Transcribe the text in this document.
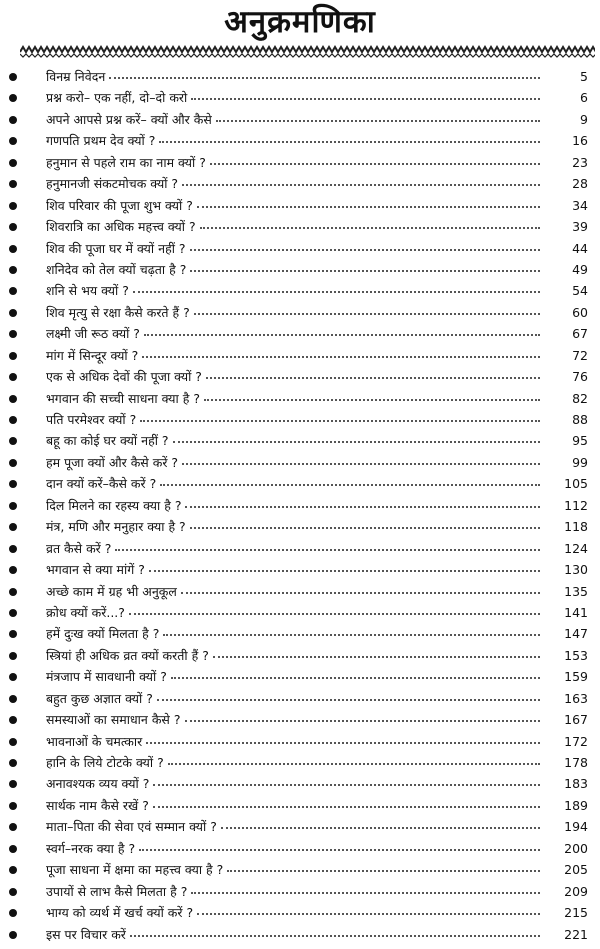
अनुक्रमणिका
विनम्र निवेदन	5
प्रश्न करो– एक नहीं, दो–दो करो	6
अपने आपसे प्रश्न करें– क्यों और कैसे	9
गणपति प्रथम देव क्यों ?	16
हनुमान से पहले राम का नाम क्यों ?	23
हनुमानजी संकटमोचक क्यों ?	28
शिव परिवार की पूजा शुभ क्यों ?	34
शिवरात्रि का अधिक महत्त्व क्यों ?	39
शिव की पूजा घर में क्यों नहीं ?	44
शनिदेव को तेल क्यों चढ़ता है ?	49
शनि से भय क्यों ?	54
शिव मृत्यु से रक्षा कैसे करते हैं ?	60
लक्ष्मी जी रूठ क्यों ?	67
मांग में सिन्दूर क्यों ?	72
एक से अधिक देवों की पूजा क्यों ?	76
भगवान की सच्ची साधना क्या है ?	82
पति परमेश्वर क्यों ?	88
बहू का कोई घर क्यों नहीं ?	95
हम पूजा क्यों और कैसे करें ?	99
दान क्यों करें–कैसे करें ?	105
दिल मिलने का रहस्य क्या है ?	112
मंत्र, मणि और मनुहार क्या है ?	118
व्रत कैसे करें ?	124
भगवान से क्या मांगें ?	130
अच्छे काम में ग्रह भी अनुकूल	135
क्रोध क्यों करें...?	141
हमें दुःख क्यों मिलता है ?	147
स्त्रियां ही अधिक व्रत क्यों करती हैं ?	153
मंत्रजाप में सावधानी क्यों ?	159
बहुत कुछ अज्ञात क्यों ?	163
समस्याओं का समाधान कैसे ?	167
भावनाओं के चमत्कार	172
हानि के लिये टोटके क्यों ?	178
अनावश्यक व्यय क्यों ?	183
सार्थक नाम कैसे रखें ?	189
माता–पिता की सेवा एवं सम्मान क्यों ?	194
स्वर्ग–नरक क्या है ?	200
पूजा साधना में क्षमा का महत्त्व क्या है ?	205
उपायों से लाभ कैसे मिलता है ?	209
भाग्य को व्यर्थ में खर्च क्यों करें ?	215
इस पर विचार करें	221
